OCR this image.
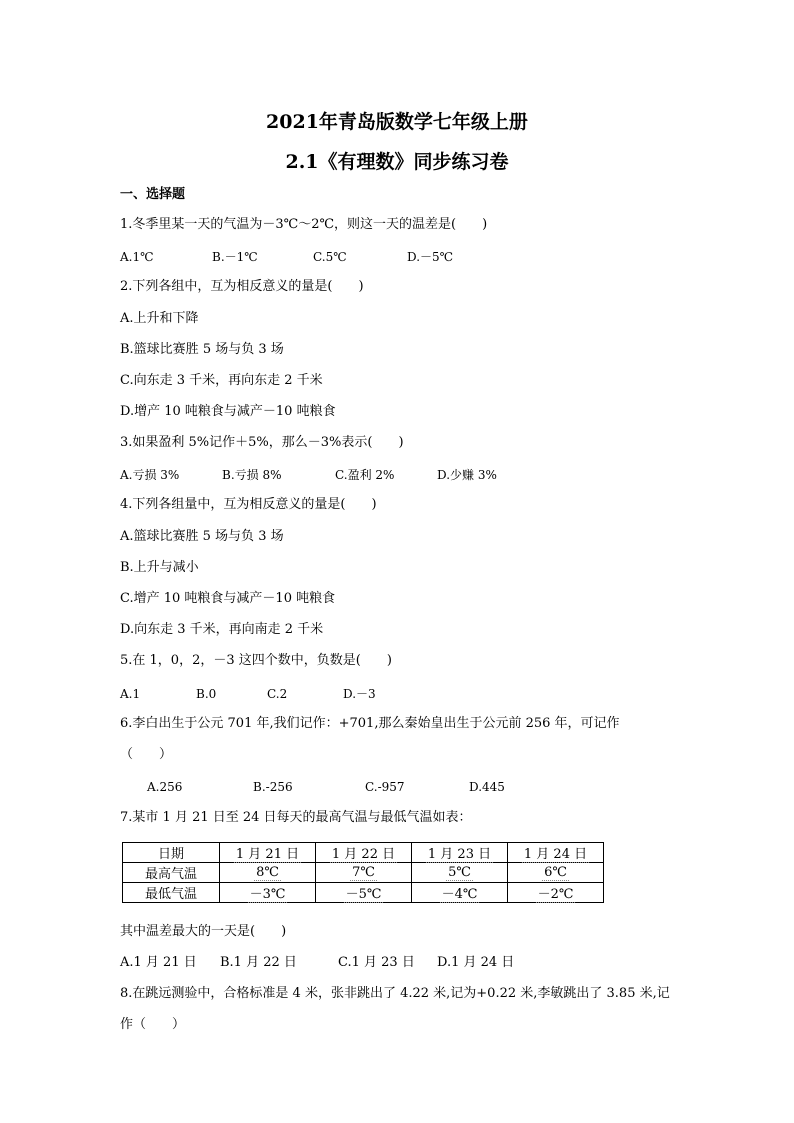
2021年青岛版数学七年级上册
2.1《有理数》同步练习卷
一、选择题
1.冬季里某一天的气温为－3℃～2℃，则这一天的温差是(　　)
A.1℃	B.－1℃	C.5℃	D.－5℃
2.下列各组中，互为相反意义的量是(　　)
A.上升和下降
B.篮球比赛胜 5 场与负 3 场
C.向东走 3 千米，再向东走 2 千米
D.增产 10 吨粮食与减产－10 吨粮食
3.如果盈利 5%记作＋5%，那么－3%表示(　　)
A.亏损 3%	B.亏损 8%	C.盈利 2%	D.少赚 3%
4.下列各组量中，互为相反意义的量是(　　)
A.篮球比赛胜 5 场与负 3 场
B.上升与减小
C.增产 10 吨粮食与减产－10 吨粮食
D.向东走 3 千米，再向南走 2 千米
5.在 1，0，2，－3 这四个数中，负数是(　　)
A.1	B.0	C.2	D.－3
6.李白出生于公元 701 年,我们记作：+701,那么秦始皇出生于公元前 256 年，可记作
（　　）
A.256	B.-256	C.-957	D.445
7.某市 1 月 21 日至 24 日每天的最高气温与最低气温如表：
日期	1 月 21 日	1 月 22 日	1 月 23 日	1 月 24 日
最高气温	8℃	7℃	5℃	6℃
最低气温	－3℃	－5℃	－4℃	－2℃
其中温差最大的一天是(　　)
A.1 月 21 日 B.1 月 22 日	C.1 月 23 日 D.1 月 24 日
8.在跳远测验中，合格标准是 4 米，张非跳出了 4.22 米,记为+0.22 米,李敏跳出了 3.85 米,记
作（　　）
